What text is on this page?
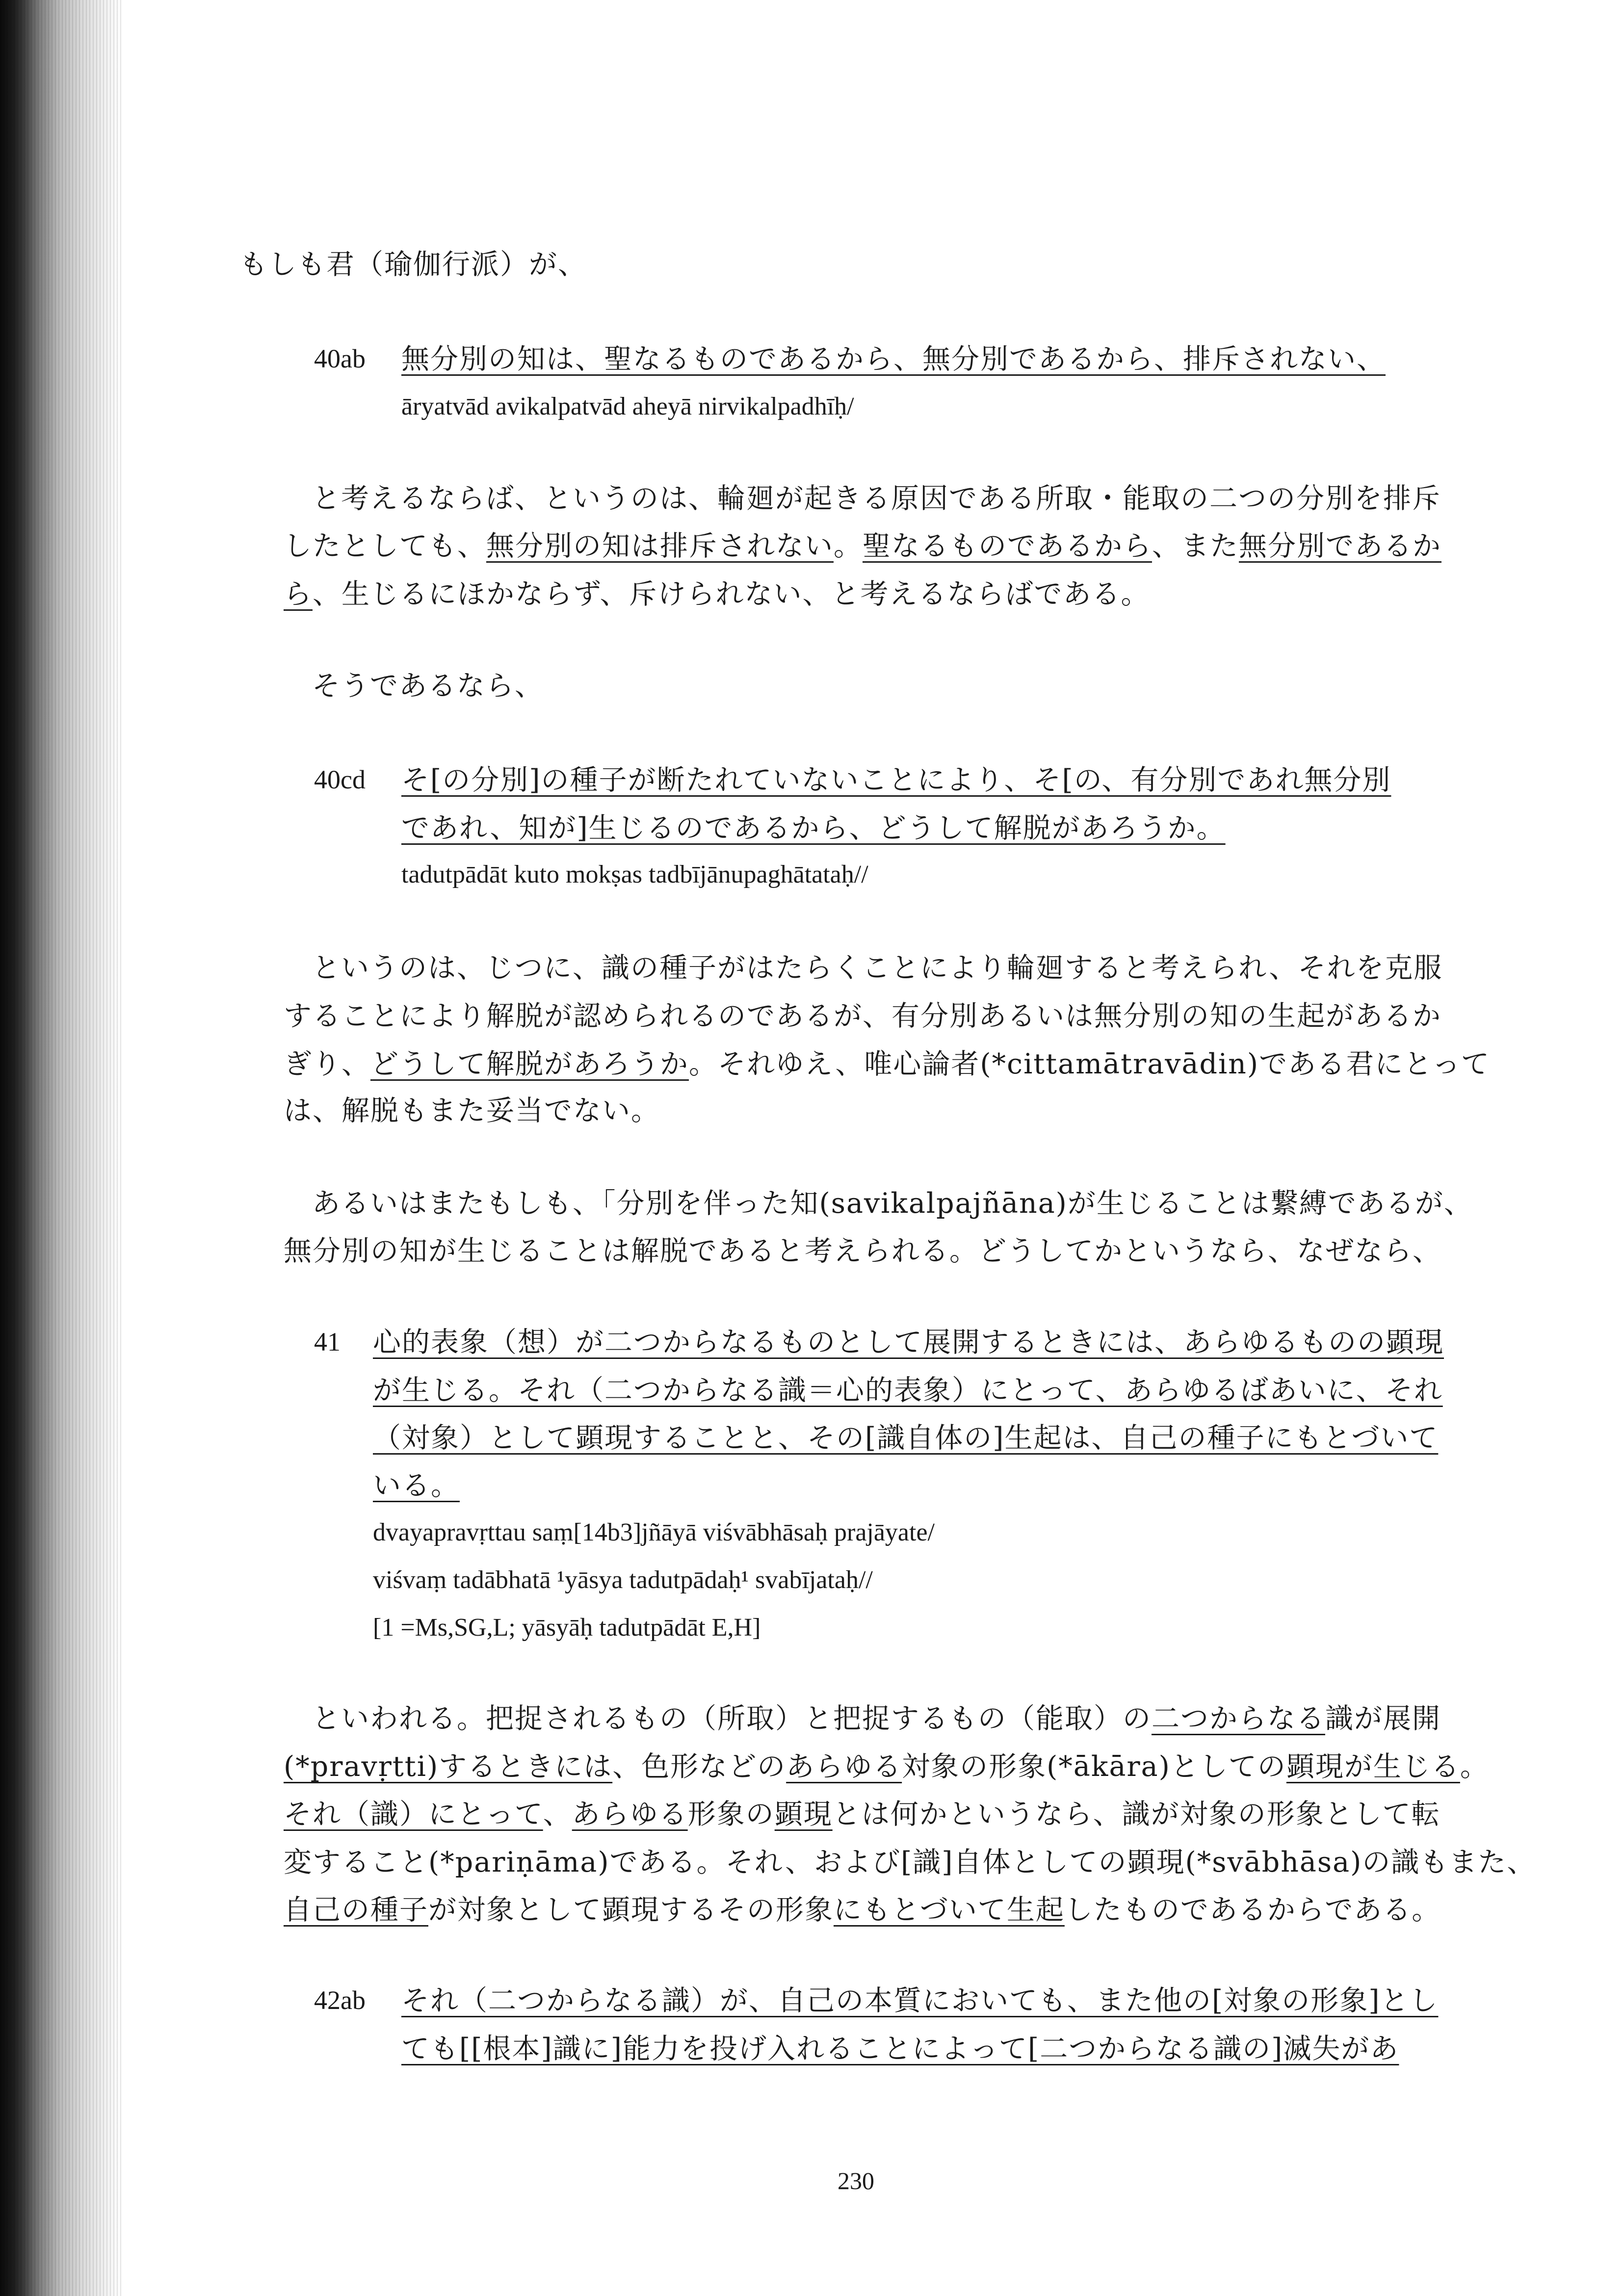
もしも君（瑜伽行派）が、
40ab 無分別の知は、聖なるものであるから、無分別であるから、排斥されない、
āryatvād avikalpatvād aheyā nirvikalpadhīḥ/
と考えるならば、というのは、輪廻が起きる原因である所取・能取の二つの分別を排斥
したとしても、無分別の知は排斥されない。聖なるものであるから、また無分別であるか
ら、生じるにほかならず、斥けられない、と考えるならばである。
そうであるなら、
40cd そ[の分別]の種子が断たれていないことにより、そ[の、有分別であれ無分別
であれ、知が]生じるのであるから、どうして解脱があろうか。
tadutpādāt kuto mokṣas tadbījānupaghātataḥ//
というのは、じつに、識の種子がはたらくことにより輪廻すると考えられ、それを克服
することにより解脱が認められるのであるが、有分別あるいは無分別の知の生起があるか
ぎり、どうして解脱があろうか。それゆえ、唯心論者(*cittamātravādin)である君にとって
は、解脱もまた妥当でない。
あるいはまたもしも、「分別を伴った知(savikalpajñāna)が生じることは繋縛であるが、
無分別の知が生じることは解脱であると考えられる。どうしてかというなら、なぜなら、
41 心的表象（想）が二つからなるものとして展開するときには、あらゆるものの顕現
が生じる。それ（二つからなる識＝心的表象）にとって、あらゆるばあいに、それ
（対象）として顕現することと、その[識自体の]生起は、自己の種子にもとづいて
いる。
dvayapravṛttau saṃ[14b3]jñāyā viśvābhāsaḥ prajāyate/
viśvaṃ tadābhatā ¹yāsya tadutpādaḥ¹ svabījataḥ//
[1 =Ms,SG,L; yāsyāḥ tadutpādāt E,H]
といわれる。把捉されるもの（所取）と把捉するもの（能取）の二つからなる識が展開
(*pravṛtti)するときには、色形などのあらゆる対象の形象(*ākāra)としての顕現が生じる。
それ（識）にとって、あらゆる形象の顕現とは何かというなら、識が対象の形象として転
変すること(*pariṇāma)である。それ、および[識]自体としての顕現(*svābhāsa)の識もまた、
自己の種子が対象として顕現するその形象にもとづいて生起したものであるからである。
42ab それ（二つからなる識）が、自己の本質においても、また他の[対象の形象]とし
ても[[根本]識に]能力を投げ入れることによって[二つからなる識の]滅失があ
230
